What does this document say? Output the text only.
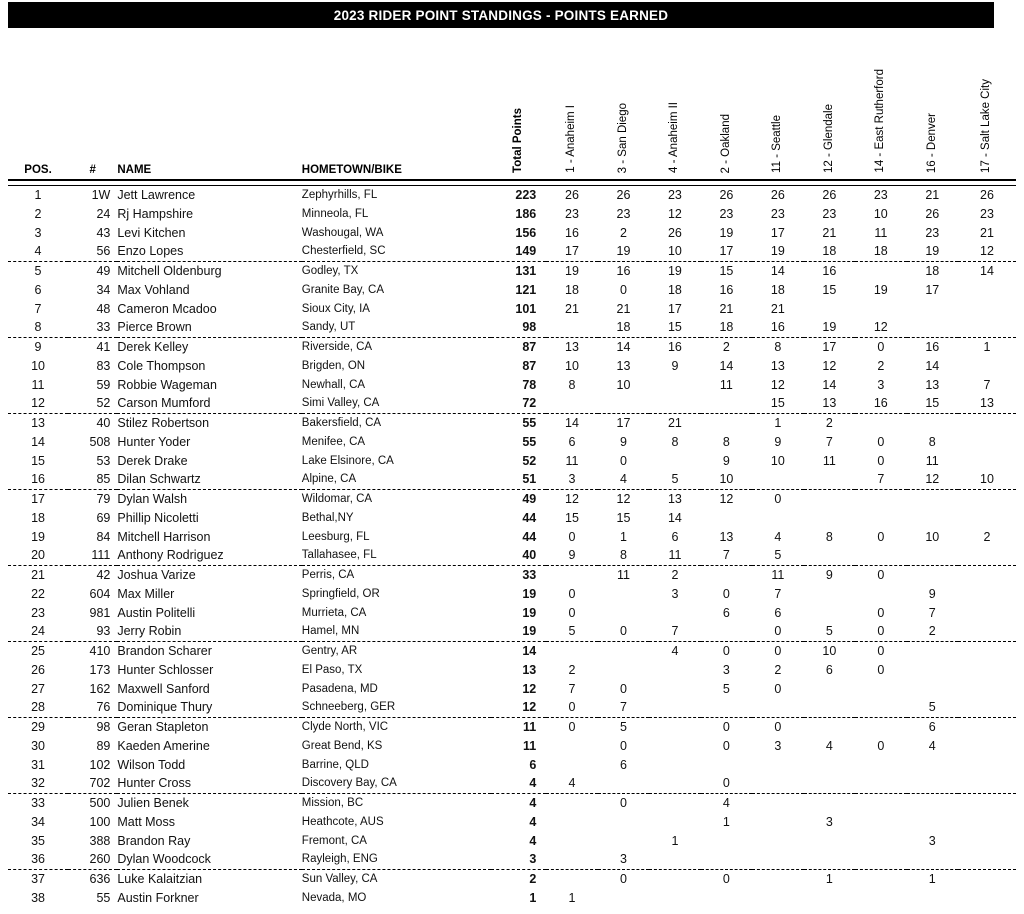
2023 RIDER POINT STANDINGS - POINTS EARNED
POS.	#	NAME	HOMETOWN/BIKE	Total Points	1 - Anaheim I	3 - San Diego	4 - Anaheim II	2 - Oakland	11 - Seattle	12 - Glendale	14 - East Rutherford	16 - Denver	17 - Salt Lake City

1	1W	Jett Lawrence	Zephyrhills, FL	223	26	26	23	26	26	26	23	21	26
2	24	Rj Hampshire	Minneola, FL	186	23	23	12	23	23	23	10	26	23
3	43	Levi Kitchen	Washougal, WA	156	16	2	26	19	17	21	11	23	21
4	56	Enzo Lopes	Chesterfield, SC	149	17	19	10	17	19	18	18	19	12
5	49	Mitchell Oldenburg	Godley, TX	131	19	16	19	15	14	16		18	14
6	34	Max Vohland	Granite Bay, CA	121	18	0	18	16	18	15	19	17	
7	48	Cameron Mcadoo	Sioux City, IA	101	21	21	17	21	21				
8	33	Pierce Brown	Sandy, UT	98		18	15	18	16	19	12		
9	41	Derek Kelley	Riverside, CA	87	13	14	16	2	8	17	0	16	1
10	83	Cole Thompson	Brigden, ON	87	10	13	9	14	13	12	2	14	
11	59	Robbie Wageman	Newhall, CA	78	8	10		11	12	14	3	13	7
12	52	Carson Mumford	Simi Valley, CA	72					15	13	16	15	13
13	40	Stilez Robertson	Bakersfield, CA	55	14	17	21		1	2			
14	508	Hunter Yoder	Menifee, CA	55	6	9	8	8	9	7	0	8	
15	53	Derek Drake	Lake Elsinore, CA	52	11	0		9	10	11	0	11	
16	85	Dilan Schwartz	Alpine, CA	51	3	4	5	10			7	12	10
17	79	Dylan Walsh	Wildomar, CA	49	12	12	13	12	0				
18	69	Phillip Nicoletti	Bethal,NY	44	15	15	14						
19	84	Mitchell Harrison	Leesburg, FL	44	0	1	6	13	4	8	0	10	2
20	111	Anthony Rodriguez	Tallahasee, FL	40	9	8	11	7	5				
21	42	Joshua Varize	Perris, CA	33		11	2		11	9	0		
22	604	Max Miller	Springfield, OR	19	0		3	0	7			9	
23	981	Austin Politelli	Murrieta, CA	19	0			6	6		0	7	
24	93	Jerry Robin	Hamel, MN	19	5	0	7		0	5	0	2	
25	410	Brandon Scharer	Gentry, AR	14			4	0	0	10	0		
26	173	Hunter Schlosser	El Paso, TX	13	2			3	2	6	0		
27	162	Maxwell Sanford	Pasadena, MD	12	7	0		5	0				
28	76	Dominique Thury	Schneeberg, GER	12	0	7						5	
29	98	Geran Stapleton	Clyde North, VIC	11	0	5		0	0			6	
30	89	Kaeden Amerine	Great Bend, KS	11		0		0	3	4	0	4	
31	102	Wilson Todd	Barrine, QLD	6		6							
32	702	Hunter Cross	Discovery Bay, CA	4	4			0					
33	500	Julien Benek	Mission, BC	4		0		4					
34	100	Matt Moss	Heathcote, AUS	4				1		3			
35	388	Brandon Ray	Fremont, CA	4			1					3	
36	260	Dylan Woodcock	Rayleigh, ENG	3		3							
37	636	Luke Kalaitzian	Sun Valley, CA	2		0		0		1		1	
38	55	Austin Forkner	Nevada, MO	1	1								
